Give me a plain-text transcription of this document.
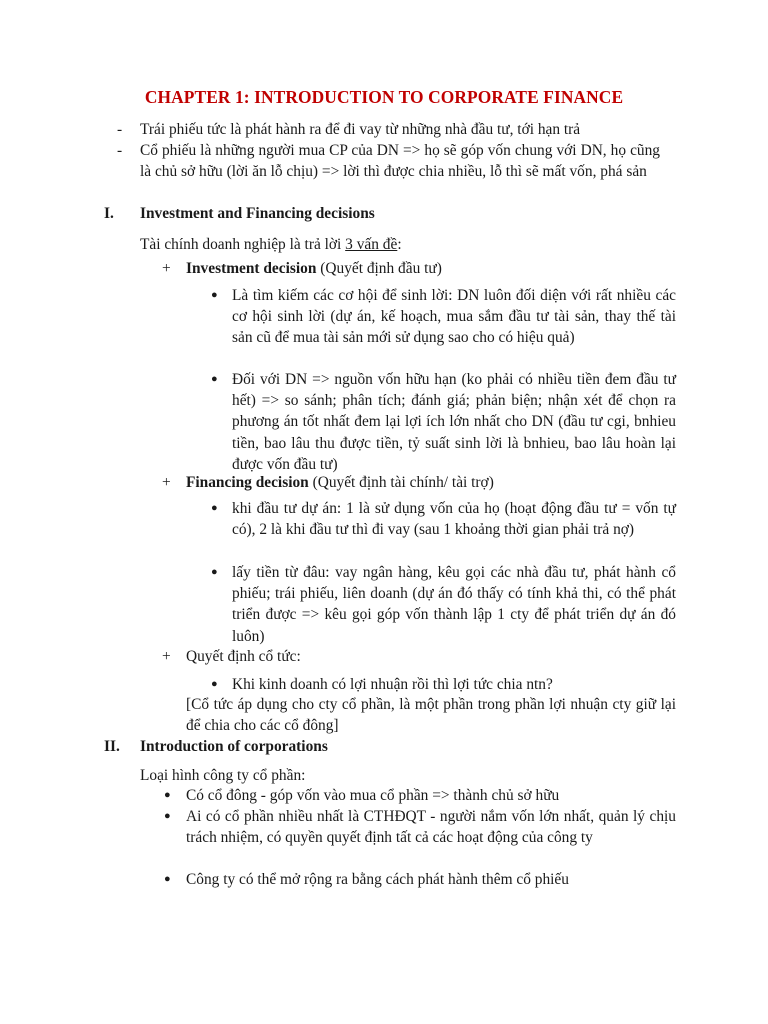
CHAPTER 1: INTRODUCTION TO CORPORATE FINANCE
-	Trái phiếu tức là phát hành ra để đi vay từ những nhà đầu tư, tới hạn trả
-	Cổ phiếu là những người mua CP của DN => họ sẽ góp vốn chung với DN, họ cũng là chủ sở hữu (lời ăn lỗ chịu) => lời thì được chia nhiều, lỗ thì sẽ mất vốn, phá sản
I. Investment and Financing decisions
Tài chính doanh nghiệp là trả lời 3 vấn đề:
+ Investment decision (Quyết định đầu tư)
● Là tìm kiếm các cơ hội để sinh lời: DN luôn đối diện với rất nhiều các cơ hội sinh lời (dự án, kế hoạch, mua sắm đầu tư tài sản, thay thế tài sản cũ để mua tài sản mới sử dụng sao cho có hiệu quả)
● Đối với DN => nguồn vốn hữu hạn (ko phải có nhiều tiền đem đầu tư hết) => so sánh; phân tích; đánh giá; phản biện; nhận xét để chọn ra phương án tốt nhất đem lại lợi ích lớn nhất cho DN (đầu tư cgi, bnhieu tiền, bao lâu thu được tiền, tỷ suất sinh lời là bnhieu, bao lâu hoàn lại được vốn đầu tư)
+ Financing decision (Quyết định tài chính/ tài trợ)
● khi đầu tư dự án: 1 là sử dụng vốn của họ (hoạt động đầu tư = vốn tự có), 2 là khi đầu tư thì đi vay (sau 1 khoảng thời gian phải trả nợ)
● lấy tiền từ đâu: vay ngân hàng, kêu gọi các nhà đầu tư, phát hành cổ phiếu; trái phiếu, liên doanh (dự án đó thấy có tính khả thi, có thể phát triển được => kêu gọi góp vốn thành lập 1 cty để phát triển dự án đó luôn)
+ Quyết định cổ tức:
● Khi kinh doanh có lợi nhuận rồi thì lợi tức chia ntn?
[Cổ tức áp dụng cho cty cổ phần, là một phần trong phần lợi nhuận cty giữ lại để chia cho các cổ đông]
II. Introduction of corporations
Loại hình công ty cổ phần:
● Có cổ đông - góp vốn vào mua cổ phần => thành chủ sở hữu
● Ai có cổ phần nhiều nhất là CTHĐQT - người nắm vốn lớn nhất, quản lý chịu trách nhiệm, có quyền quyết định tất cả các hoạt động của công ty
● Công ty có thể mở rộng ra bằng cách phát hành thêm cổ phiếu
